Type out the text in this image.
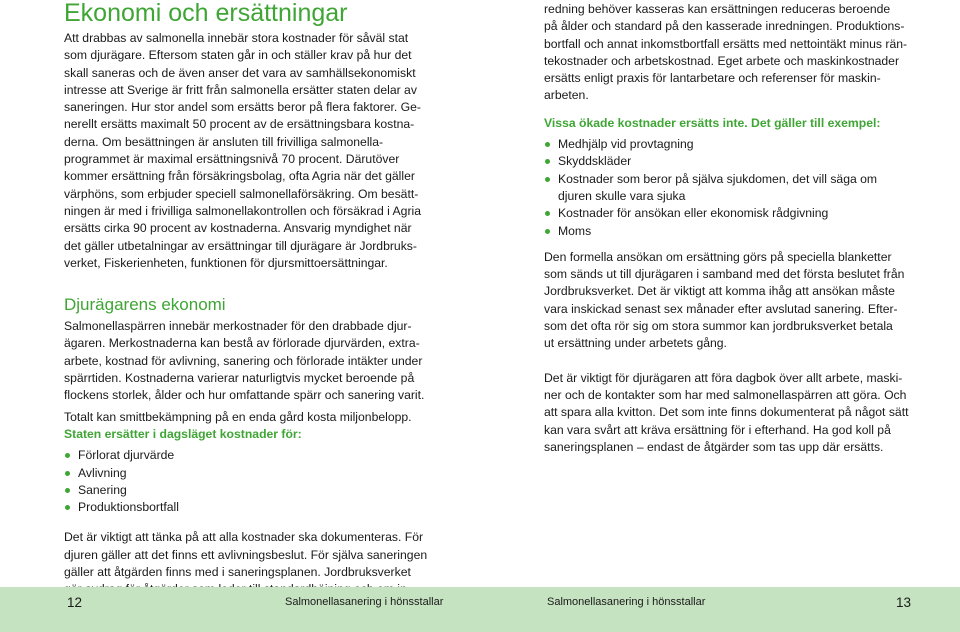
Ekonomi och ersättningar

Att drabbas av salmonella innebär stora kostnader för såväl stat
som djurägare. Eftersom staten går in och ställer krav på hur det
skall saneras och de även anser det vara av samhällsekonomiskt
intresse att Sverige är fritt från salmonella ersätter staten delar av
saneringen. Hur stor andel som ersätts beror på flera faktorer. Ge-
nerellt ersätts maximalt 50 procent av de ersättningsbara kostna-
derna. Om besättningen är ansluten till frivilliga salmonella-
programmet är maximal ersättningsnivå 70 procent. Därutöver
kommer ersättning från försäkringsbolag, ofta Agria när det gäller
värphöns, som erbjuder speciell salmonellaförsäkring. Om besätt-
ningen är med i frivilliga salmonellakontrollen och försäkrad i Agria
ersätts cirka 90 procent av kostnaderna. Ansvarig myndighet när
det gäller utbetalningar av ersättningar till djurägare är Jordbruks-
verket, Fiskerienheten, funktionen för djursmittoersättningar.

Djurägarens ekonomi

Salmonellaspärren innebär merkostnader för den drabbade djur-
ägaren. Merkostnaderna kan bestå av förlorade djurvärden, extra-
arbete, kostnad för avlivning, sanering och förlorade intäkter under
spärrtiden. Kostnaderna varierar naturligtvis mycket beroende på
flockens storlek, ålder och hur omfattande spärr och sanering varit.

Totalt kan smittbekämpning på en enda gård kosta miljonbelopp.

Staten ersätter i dagsläget kostnader för:

Förlorat djurvärde
Avlivning
Sanering
Produktionsbortfall

Det är viktigt att tänka på att alla kostnader ska dokumenteras. För
djuren gäller att det finns ett avlivningsbeslut. För själva saneringen
gäller att åtgärden finns med i saneringsplanen. Jordbruksverket

redning behöver kasseras kan ersättningen reduceras beroende
på ålder och standard på den kasserade inredningen. Produktions-
bortfall och annat inkomstbortfall ersätts med nettointäkt minus rän-
tekostnader och arbetskostnad. Eget arbete och maskinkostnader
ersätts enligt praxis för lantarbetare och referenser för maskin-
arbeten.

Vissa ökade kostnader ersätts inte. Det gäller till exempel:

Medhjälp vid provtagning
Skyddskläder
Kostnader som beror på själva sjukdomen, det vill säga om
djuren skulle vara sjuka
Kostnader för ansökan eller ekonomisk rådgivning
Moms

Den formella ansökan om ersättning görs på speciella blanketter
som sänds ut till djurägaren i samband med det första beslutet från
Jordbruksverket. Det är viktigt att komma ihåg att ansökan måste
vara inskickad senast sex månader efter avslutad sanering. Efter-
som det ofta rör sig om stora summor kan jordbruksverket betala
ut ersättning under arbetets gång.

Det är viktigt för djurägaren att föra dagbok över allt arbete, maski-
ner och de kontakter som har med salmonellaspärren att göra. Och
att spara alla kvitton. Det som inte finns dokumenterat på något sätt
kan vara svårt att kräva ersättning för i efterhand. Ha god koll på
saneringsplanen – endast de åtgärder som tas upp där ersätts.

12	Salmonellasanering i hönsstallar	Salmonellasanering i hönsstallar	13
